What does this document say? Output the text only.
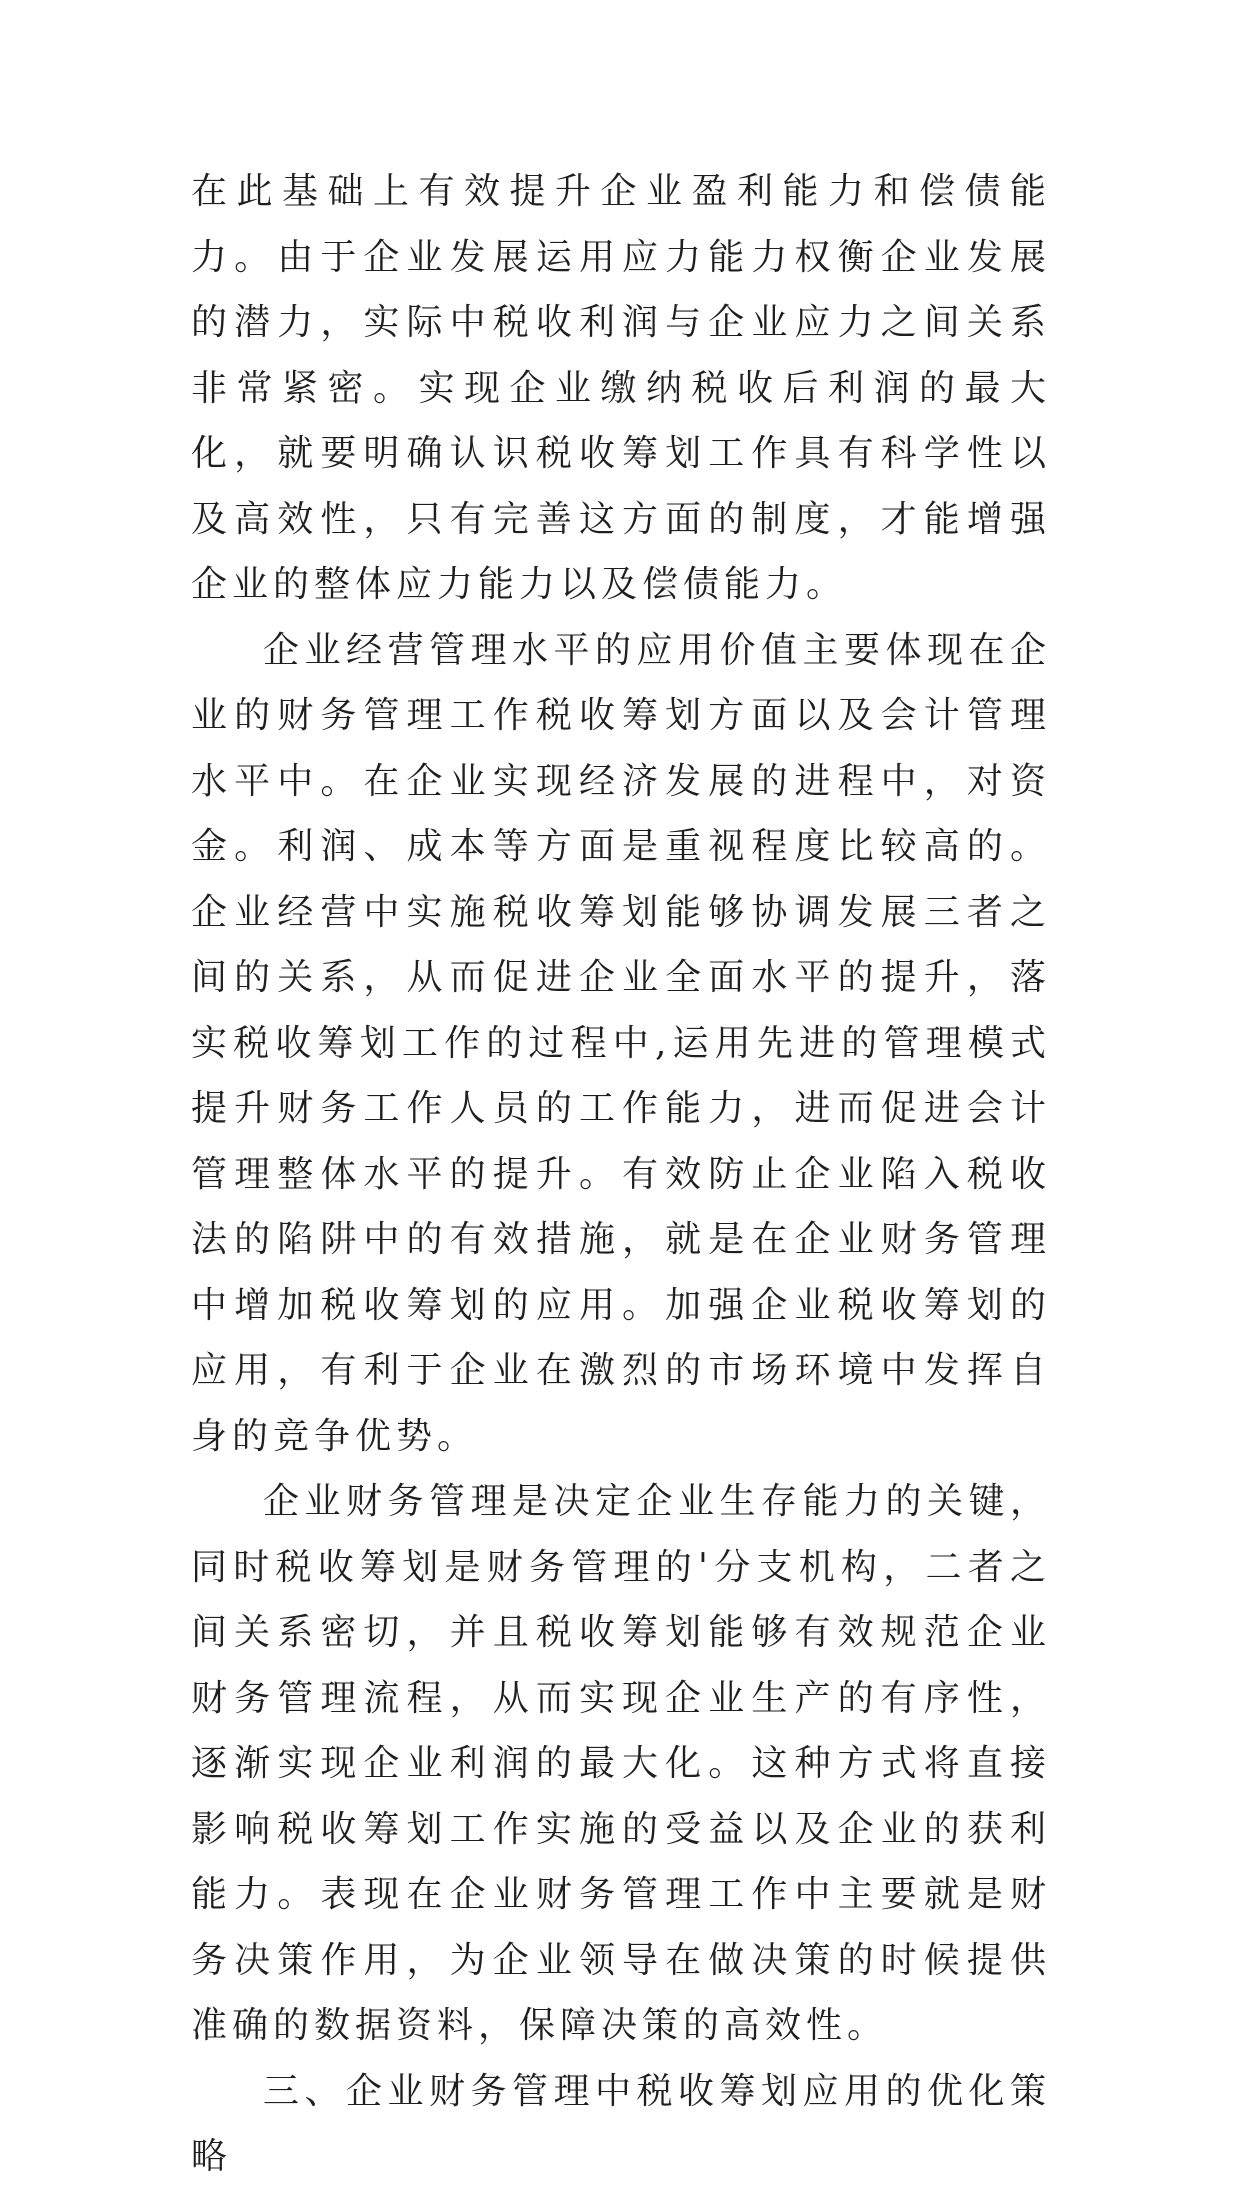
在此基础上有效提升企业盈利能力和偿债能力。由于企业发展运用应力能力权衡企业发展的潜力，实际中税收利润与企业应力之间关系非常紧密。实现企业缴纳税收后利润的最大化，就要明确认识税收筹划工作具有科学性以及高效性，只有完善这方面的制度，才能增强企业的整体应力能力以及偿债能力。

企业经营管理水平的应用价值主要体现在企业的财务管理工作税收筹划方面以及会计管理水平中。在企业实现经济发展的进程中，对资金。利润、成本等方面是重视程度比较高的。企业经营中实施税收筹划能够协调发展三者之间的关系，从而促进企业全面水平的提升，落实税收筹划工作的过程中,运用先进的管理模式提升财务工作人员的工作能力，进而促进会计管理整体水平的提升。有效防止企业陷入税收法的陷阱中的有效措施，就是在企业财务管理中增加税收筹划的应用。加强企业税收筹划的应用，有利于企业在激烈的市场环境中发挥自身的竞争优势。

企业财务管理是决定企业生存能力的关键，同时税收筹划是财务管理的'分支机构，二者之间关系密切，并且税收筹划能够有效规范企业财务管理流程，从而实现企业生产的有序性，逐渐实现企业利润的最大化。这种方式将直接影响税收筹划工作实施的受益以及企业的获利能力。表现在企业财务管理工作中主要就是财务决策作用，为企业领导在做决策的时候提供准确的数据资料，保障决策的高效性。

三、企业财务管理中税收筹划应用的优化策略
